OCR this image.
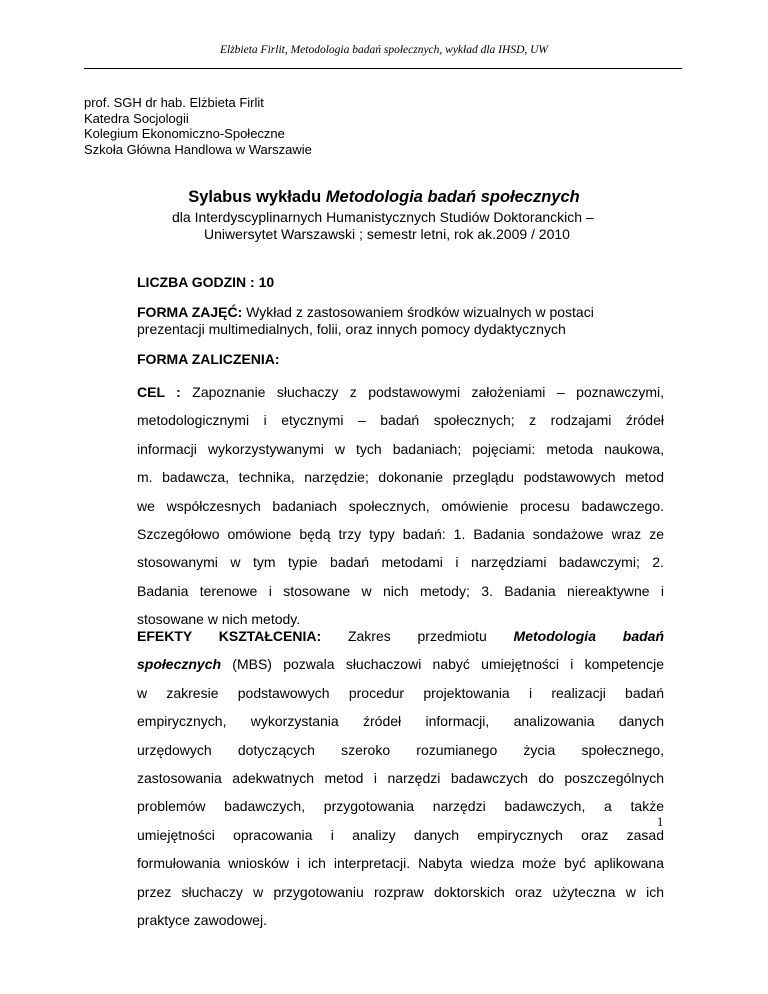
Elżbieta Firlit, Metodologia badań społecznych, wykład dla IHSD, UW
prof. SGH dr hab. Elżbieta Firlit
Katedra Socjologii
Kolegium Ekonomiczno-Społeczne
Szkoła Główna Handlowa w Warszawie
Sylabus wykładu Metodologia badań społecznych
dla Interdyscyplinarnych Humanistycznych Studiów Doktoranckich –
Uniwersytet Warszawski ; semestr letni, rok ak.2009 / 2010
LICZBA GODZIN : 10
FORMA ZAJĘĆ: Wykład z zastosowaniem środków wizualnych w postaci
prezentacji multimedialnych, folii, oraz innych pomocy dydaktycznych
FORMA ZALICZENIA:
CEL : Zapoznanie słuchaczy z podstawowymi założeniami – poznawczymi,
metodologicznymi i etycznymi – badań społecznych; z rodzajami źródeł
informacji wykorzystywanymi w tych badaniach; pojęciami: metoda naukowa,
m. badawcza, technika, narzędzie; dokonanie przeglądu podstawowych metod
we współczesnych badaniach społecznych, omówienie procesu badawczego.
Szczegółowo omówione będą trzy typy badań: 1. Badania sondażowe wraz ze
stosowanymi w tym typie badań metodami i narzędziami badawczymi; 2.
Badania terenowe i stosowane w nich metody; 3. Badania niereaktywne i
stosowane w nich metody.
EFEKTY KSZTAŁCENIA: Zakres przedmiotu Metodologia badań
społecznych (MBS) pozwala słuchaczowi nabyć umiejętności i kompetencje
w zakresie podstawowych procedur projektowania i realizacji badań
empirycznych, wykorzystania źródeł informacji, analizowania danych
urzędowych dotyczących szeroko rozumianego życia społecznego,
zastosowania adekwatnych metod i narzędzi badawczych do poszczególnych
problemów badawczych, przygotowania narzędzi badawczych, a także
umiejętności opracowania i analizy danych empirycznych oraz zasad
formułowania wniosków i ich interpretacji. Nabyta wiedza może być aplikowana
przez słuchaczy w przygotowaniu rozpraw doktorskich oraz użyteczna w ich
praktyce zawodowej.
1
